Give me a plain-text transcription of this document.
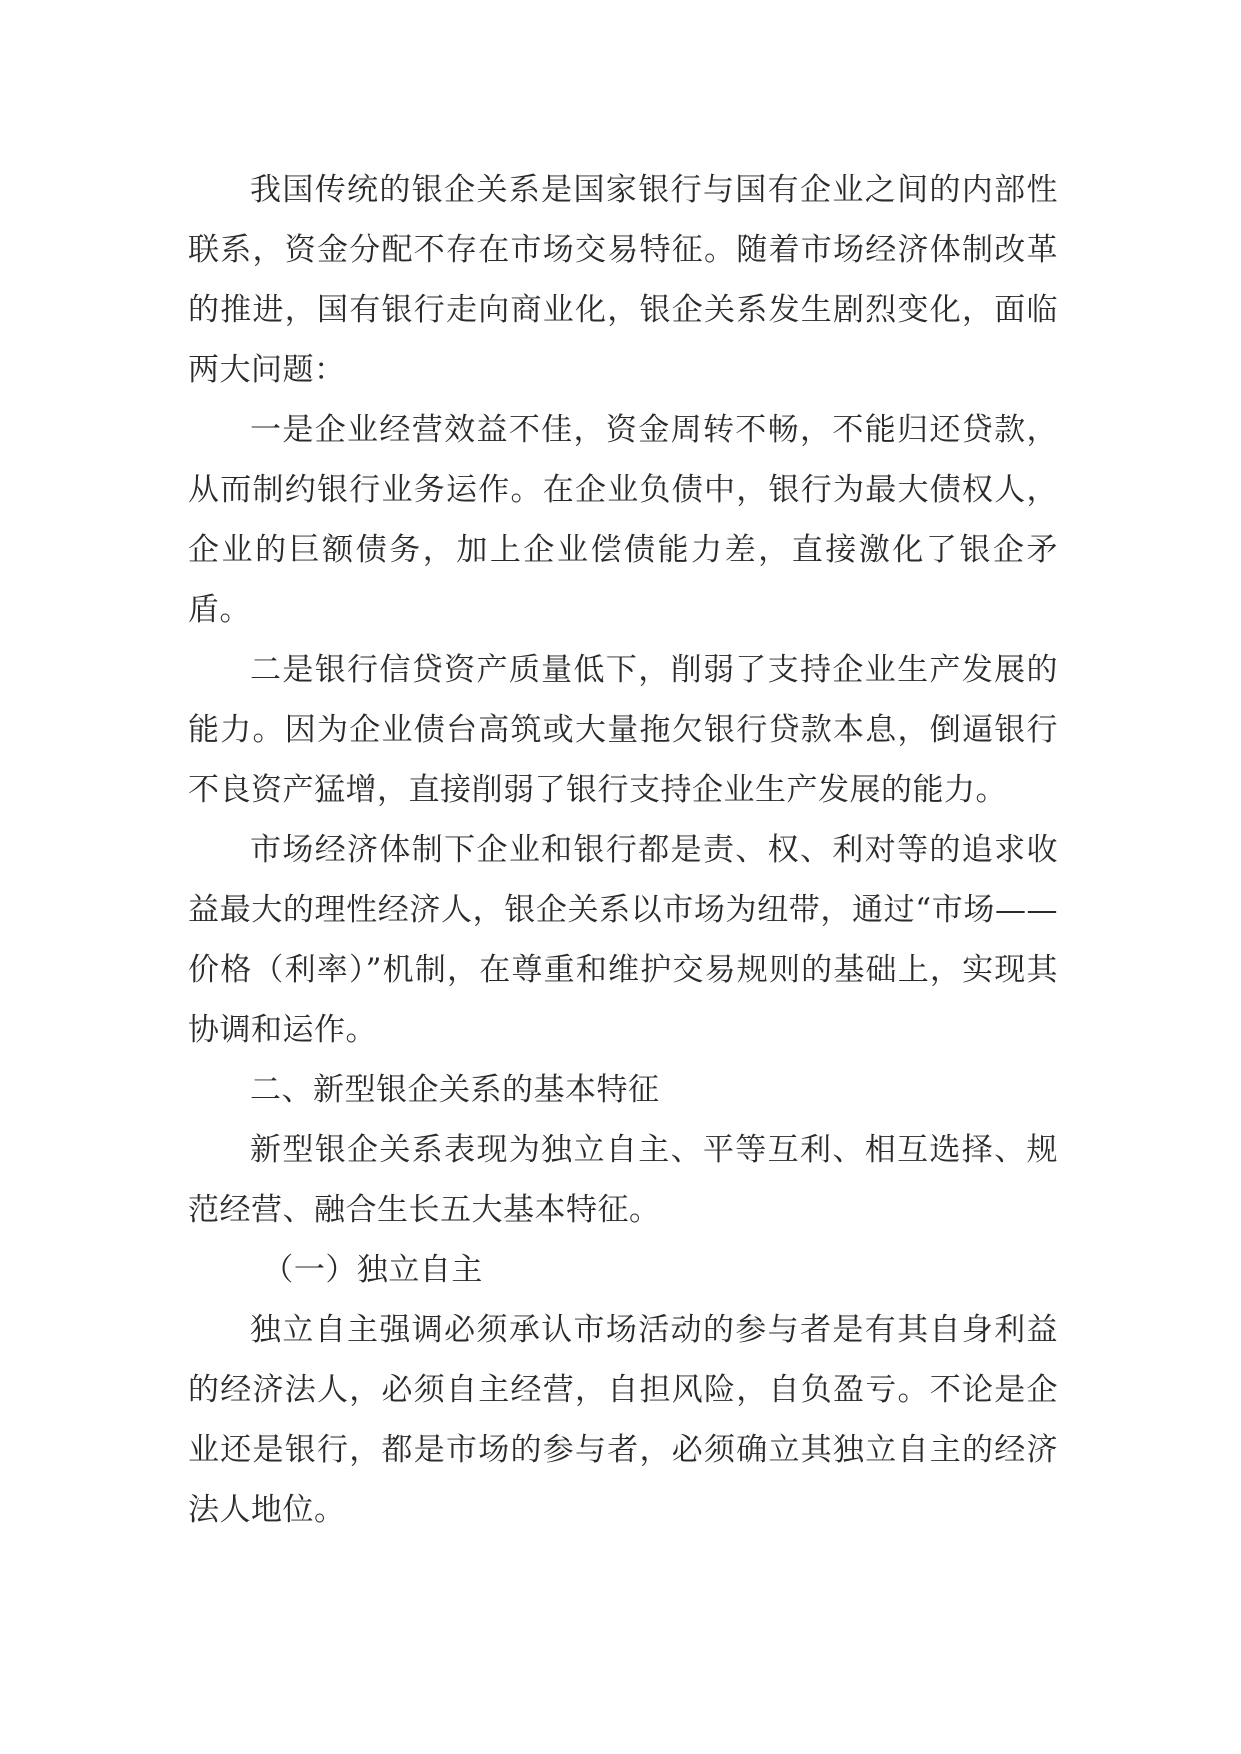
我国传统的银企关系是国家银行与国有企业之间的内部性联系，资金分配不存在市场交易特征。随着市场经济体制改革的推进，国有银行走向商业化，银企关系发生剧烈变化，面临两大问题：

一是企业经营效益不佳，资金周转不畅，不能归还贷款，从而制约银行业务运作。在企业负债中，银行为最大债权人，企业的巨额债务，加上企业偿债能力差，直接激化了银企矛盾。

二是银行信贷资产质量低下，削弱了支持企业生产发展的能力。因为企业债台高筑或大量拖欠银行贷款本息，倒逼银行不良资产猛增，直接削弱了银行支持企业生产发展的能力。

市场经济体制下企业和银行都是责、权、利对等的追求收益最大的理性经济人，银企关系以市场为纽带，通过“市场——价格（利率）”机制，在尊重和维护交易规则的基础上，实现其协调和运作。

二、新型银企关系的基本特征

新型银企关系表现为独立自主、平等互利、相互选择、规范经营、融合生长五大基本特征。

（一）独立自主

独立自主强调必须承认市场活动的参与者是有其自身利益的经济法人，必须自主经营，自担风险，自负盈亏。不论是企业还是银行，都是市场的参与者，必须确立其独立自主的经济法人地位。
